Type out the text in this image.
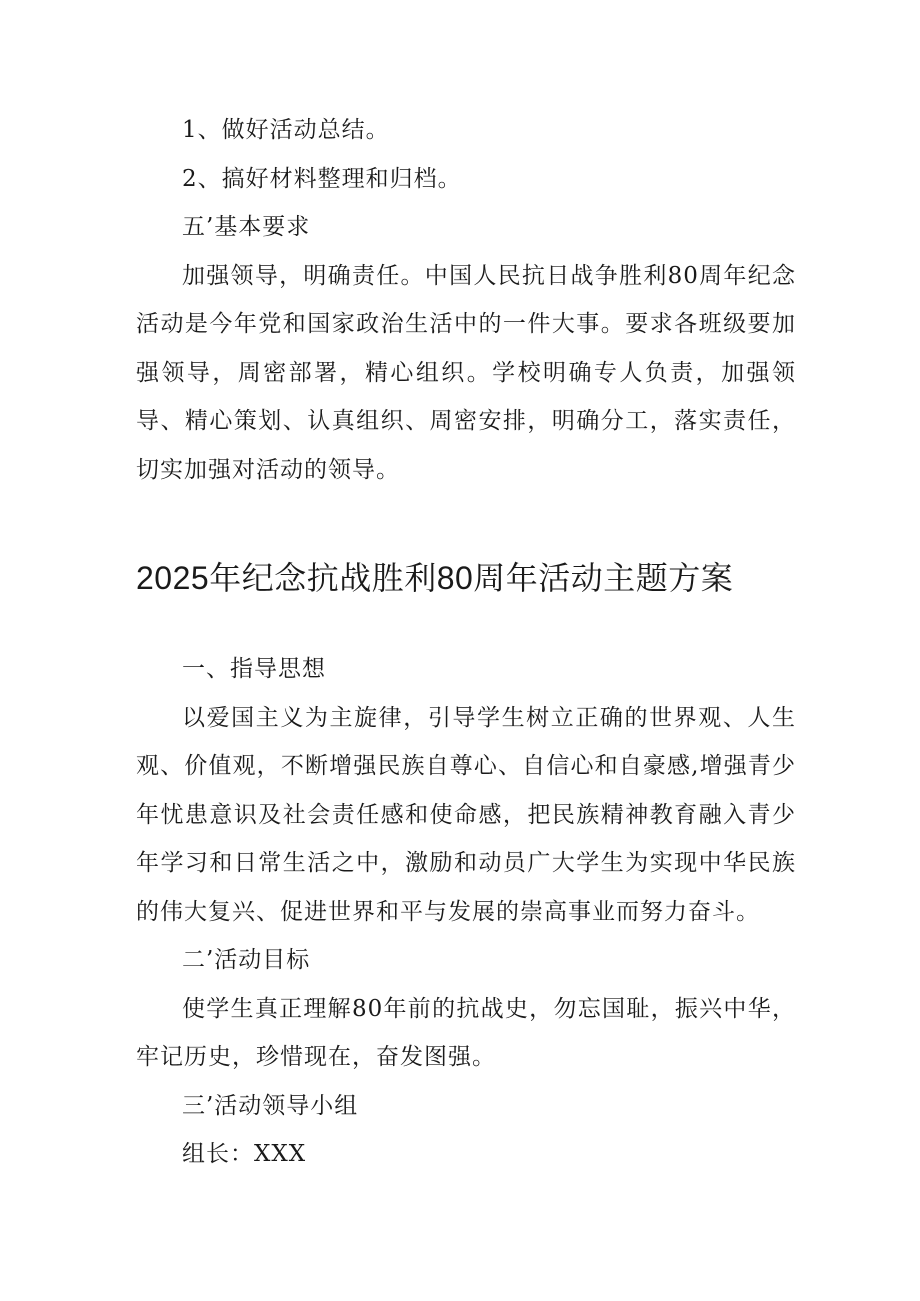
1、做好活动总结。

2、搞好材料整理和归档。

五’基本要求

加强领导，明确责任。中国人民抗日战争胜利80周年纪念活动是今年党和国家政治生活中的一件大事。要求各班级要加强领导，周密部署，精心组织。学校明确专人负责，加强领导、精心策划、认真组织、周密安排，明确分工，落实责任，切实加强对活动的领导。

2025年纪念抗战胜利80周年活动主题方案

一、指导思想

以爱国主义为主旋律，引导学生树立正确的世界观、人生观、价值观，不断增强民族自尊心、自信心和自豪感,增强青少年忧患意识及社会责任感和使命感，把民族精神教育融入青少年学习和日常生活之中，激励和动员广大学生为实现中华民族的伟大复兴、促进世界和平与发展的崇高事业而努力奋斗。

二’活动目标

使学生真正理解80年前的抗战史，勿忘国耻，振兴中华，牢记历史，珍惜现在，奋发图强。

三’活动领导小组

组长：XXX
